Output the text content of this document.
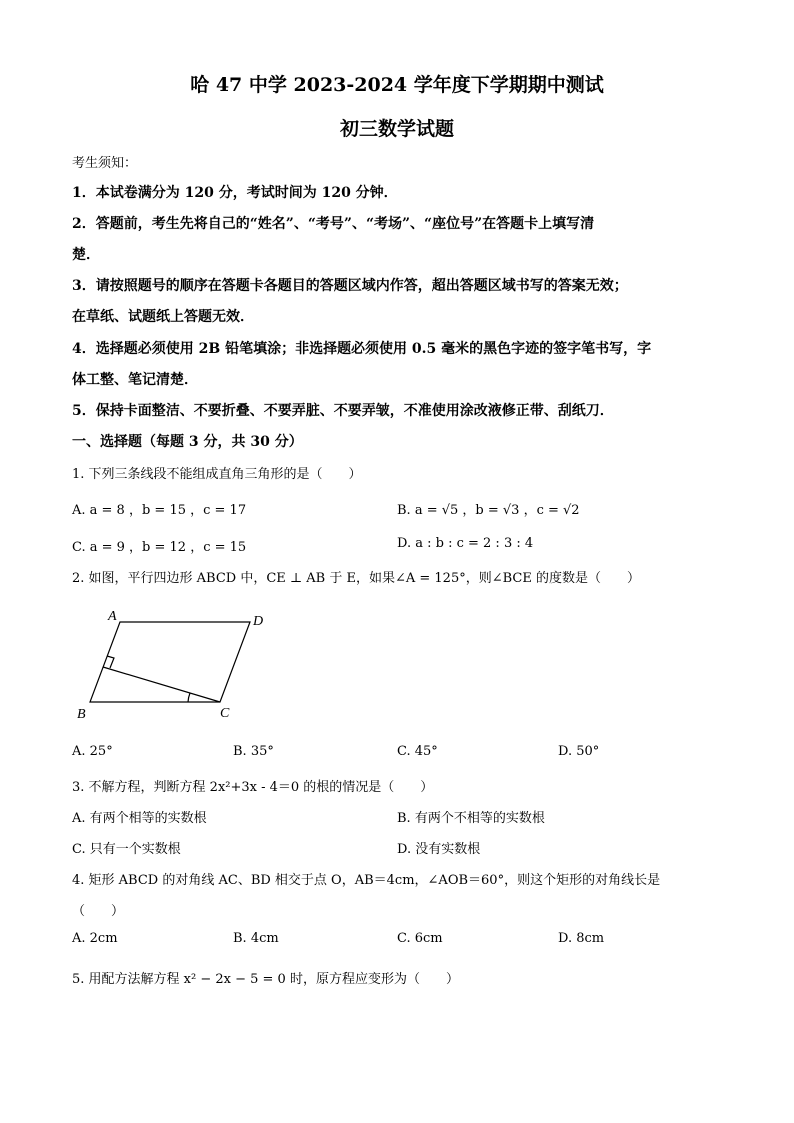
哈 47 中学 2023-2024 学年度下学期期中测试
初三数学试题
考生须知：
1．本试卷满分为 120 分，考试时间为 120 分钟．
2．答题前，考生先将自己的“姓名”、“考号”、“考场”、“座位号”在答题卡上填写清
楚．
3．请按照题号的顺序在答题卡各题目的答题区域内作答，超出答题区域书写的答案无效；
在草纸、试题纸上答题无效．
4．选择题必须使用 2B 铅笔填涂；非选择题必须使用 0.5 毫米的黑色字迹的签字笔书写，字
体工整、笔记清楚．
5．保持卡面整洁、不要折叠、不要弄脏、不要弄皱，不准使用涂改液修正带、刮纸刀．
一、选择题（每题 3 分，共 30 分）
1. 下列三条线段不能组成直角三角形的是（　　）
A. a = 8 ，b = 15 ，c = 17	B. a = √5 ，b = √3 ，c = √2
C. a = 9 ，b = 12 ，c = 15	D. a : b : c = 2 : 3 : 4
2. 如图，平行四边形 ABCD 中，CE ⊥ AB 于 E，如果∠A = 125°，则∠BCE 的度数是（　　）
A	D
B	C
A. 25°	B. 35°	C. 45°	D. 50°
3. 不解方程，判断方程 2x²+3x - 4＝0 的根的情况是（　　）
A. 有两个相等的实数根	B. 有两个不相等的实数根
C. 只有一个实数根	D. 没有实数根
4. 矩形 ABCD 的对角线 AC、BD 相交于点 O，AB＝4cm，∠AOB＝60°，则这个矩形的对角线长是
（　　）
A. 2cm	B. 4cm	C. 6cm	D. 8cm
5. 用配方法解方程 x² − 2x − 5 = 0 时，原方程应变形为（　　）
